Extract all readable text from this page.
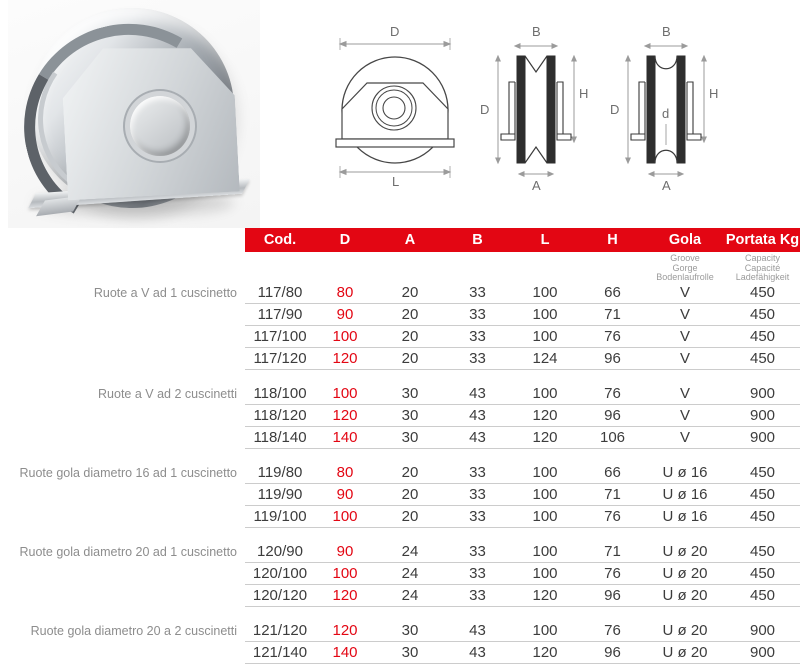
D
L
B
D
H
A
B
D
H
d
A
Cod.	D	A	B	L	H	Gola	Portata Kg
Groove
Gorge
Bodenlaufrolle
Capacity
Capacité
Ladefähigkeit
Ruote a V ad 1 cuscinetto	117/80	80	20	33	100	66	V	450
117/90	90	20	33	100	71	V	450
117/100	100	20	33	100	76	V	450
117/120	120	20	33	124	96	V	450
Ruote a V ad 2 cuscinetti	118/100	100	30	43	100	76	V	900
118/120	120	30	43	120	96	V	900
118/140	140	30	43	120	106	V	900
Ruote gola diametro 16 ad 1 cuscinetto	119/80	80	20	33	100	66	U ø 16	450
119/90	90	20	33	100	71	U ø 16	450
119/100	100	20	33	100	76	U ø 16	450
Ruote gola diametro 20 ad 1 cuscinetto	120/90	90	24	33	100	71	U ø 20	450
120/100	100	24	33	100	76	U ø 20	450
120/120	120	24	33	120	96	U ø 20	450
Ruote gola diametro 20 a 2 cuscinetti	121/120	120	30	43	100	76	U ø 20	900
121/140	140	30	43	120	96	U ø 20	900
